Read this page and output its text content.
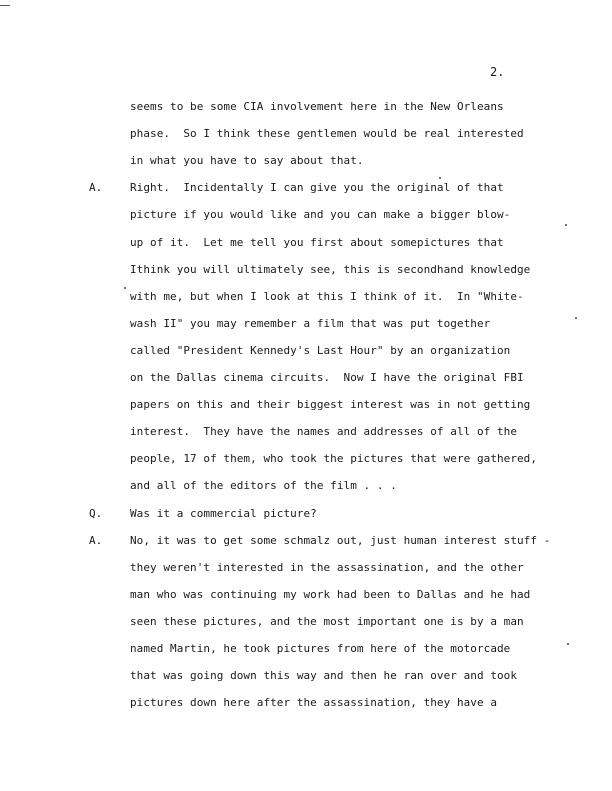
2.
seems to be some CIA involvement here in the New Orleans
phase.  So I think these gentlemen would be real interested
in what you have to say about that.
A.	Right.  Incidentally I can give you the original of that
picture if you would like and you can make a bigger blow-
up of it.  Let me tell you first about somepictures that
Ithink you will ultimately see, this is secondhand knowledge
with me, but when I look at this I think of it.  In "White-
wash II" you may remember a film that was put together
called "President Kennedy's Last Hour" by an organization
on the Dallas cinema circuits.  Now I have the original FBI
papers on this and their biggest interest was in not getting
interest.  They have the names and addresses of all of the
people, 17 of them, who took the pictures that were gathered,
and all of the editors of the film . . .
Q.	Was it a commercial picture?
A.	No, it was to get some schmalz out, just human interest stuff -
they weren't interested in the assassination, and the other
man who was continuing my work had been to Dallas and he had
seen these pictures, and the most important one is by a man
named Martin, he took pictures from here of the motorcade
that was going down this way and then he ran over and took
pictures down here after the assassination, they have a
